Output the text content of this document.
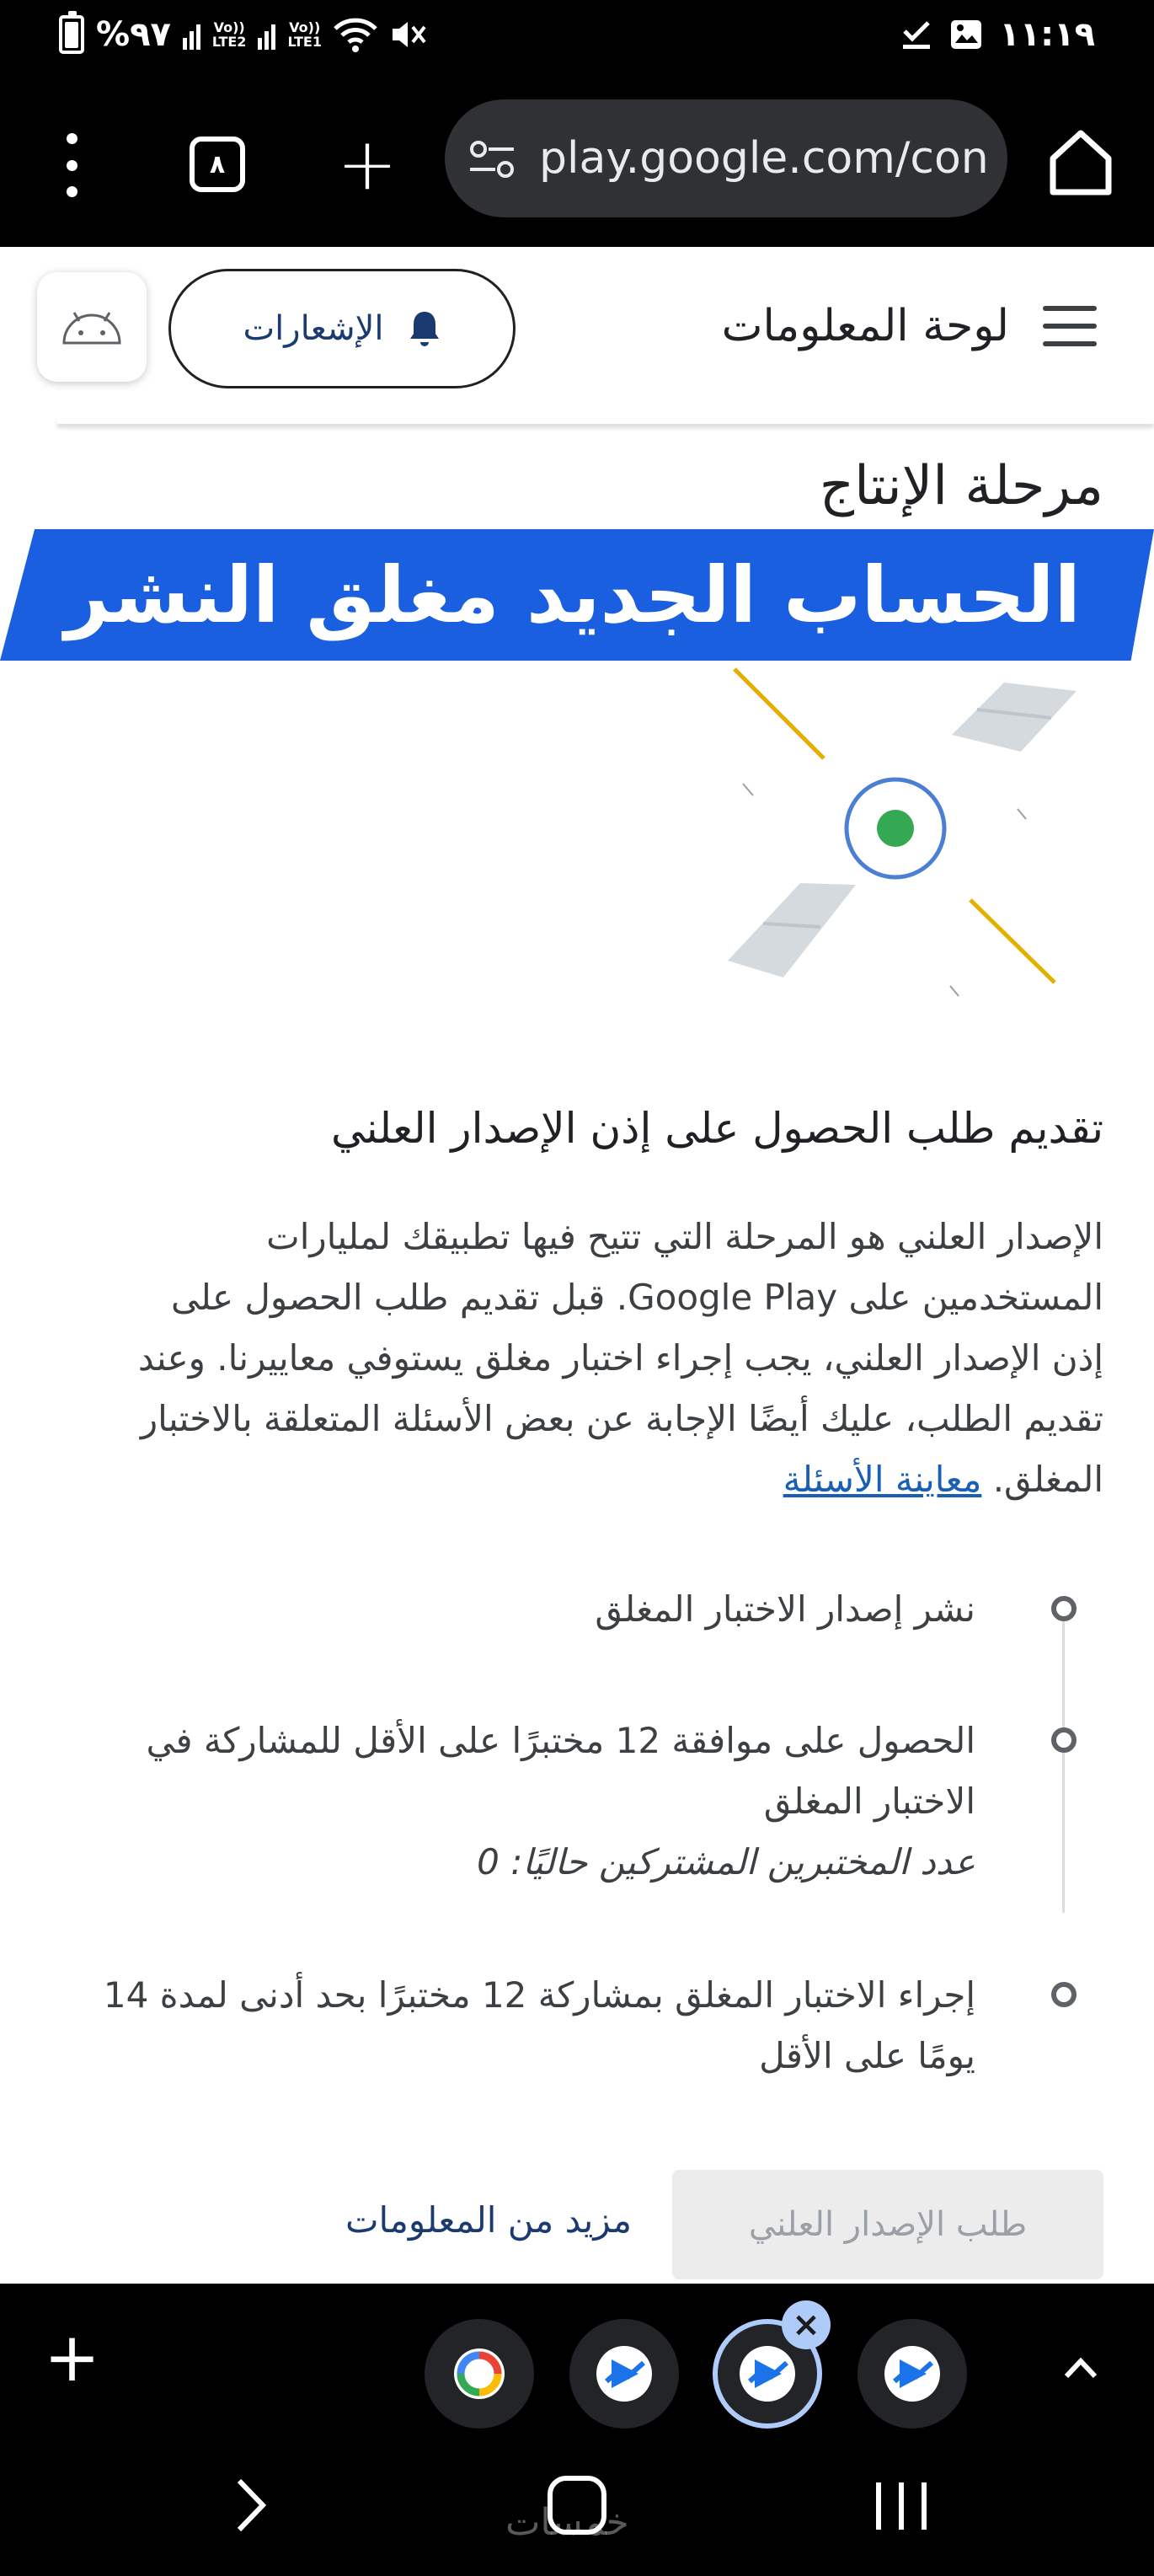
%٩٧	Vo))
LTE2
Vo))
LTE1	١١:١٩
٨ +	play.google.com/con
لوحة المعلومات
الإشعارات
مرحلة الإنتاج
الحساب الجديد مغلق النشر
تقديم طلب الحصول على إذن الإصدار العلني
الإصدار العلني هو المرحلة التي تتيح فيها تطبيقك لمليارات
المستخدمين على Google Play. قبل تقديم طلب الحصول على
إذن الإصدار العلني، يجب إجراء اختبار مغلق يستوفي معاييرنا. وعند
تقديم الطلب، عليك أيضًا الإجابة عن بعض الأسئلة المتعلقة بالاختبار
المغلق. معاينة الأسئلة
نشر إصدار الاختبار المغلق
الحصول على موافقة 12 مختبرًا على الأقل للمشاركة في
الاختبار المغلق
عدد المختبرين المشتركين حاليًا: 0
إجراء الاختبار المغلق بمشاركة 12 مختبرًا بحد أدنى لمدة 14
يومًا على الأقل
طلب الإصدار العلني
مزيد من المعلومات
+	×
خمسات
